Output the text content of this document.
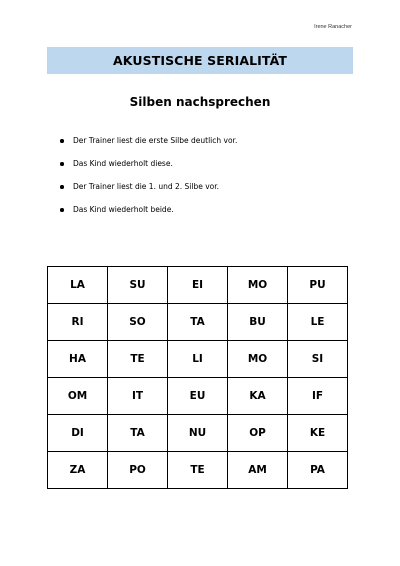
Irene Ranacher
AKUSTISCHE SERIALITÄT
Silben nachsprechen
Der Trainer liest die erste Silbe deutlich vor.
Das Kind wiederholt diese.
Der Trainer liest die 1. und 2. Silbe vor.
Das Kind wiederholt beide.
LA	SU	EI	MO	PU
RI	SO	TA	BU	LE
HA	TE	LI	MO	SI
OM	IT	EU	KA	IF
DI	TA	NU	OP	KE
ZA	PO	TE	AM	PA
